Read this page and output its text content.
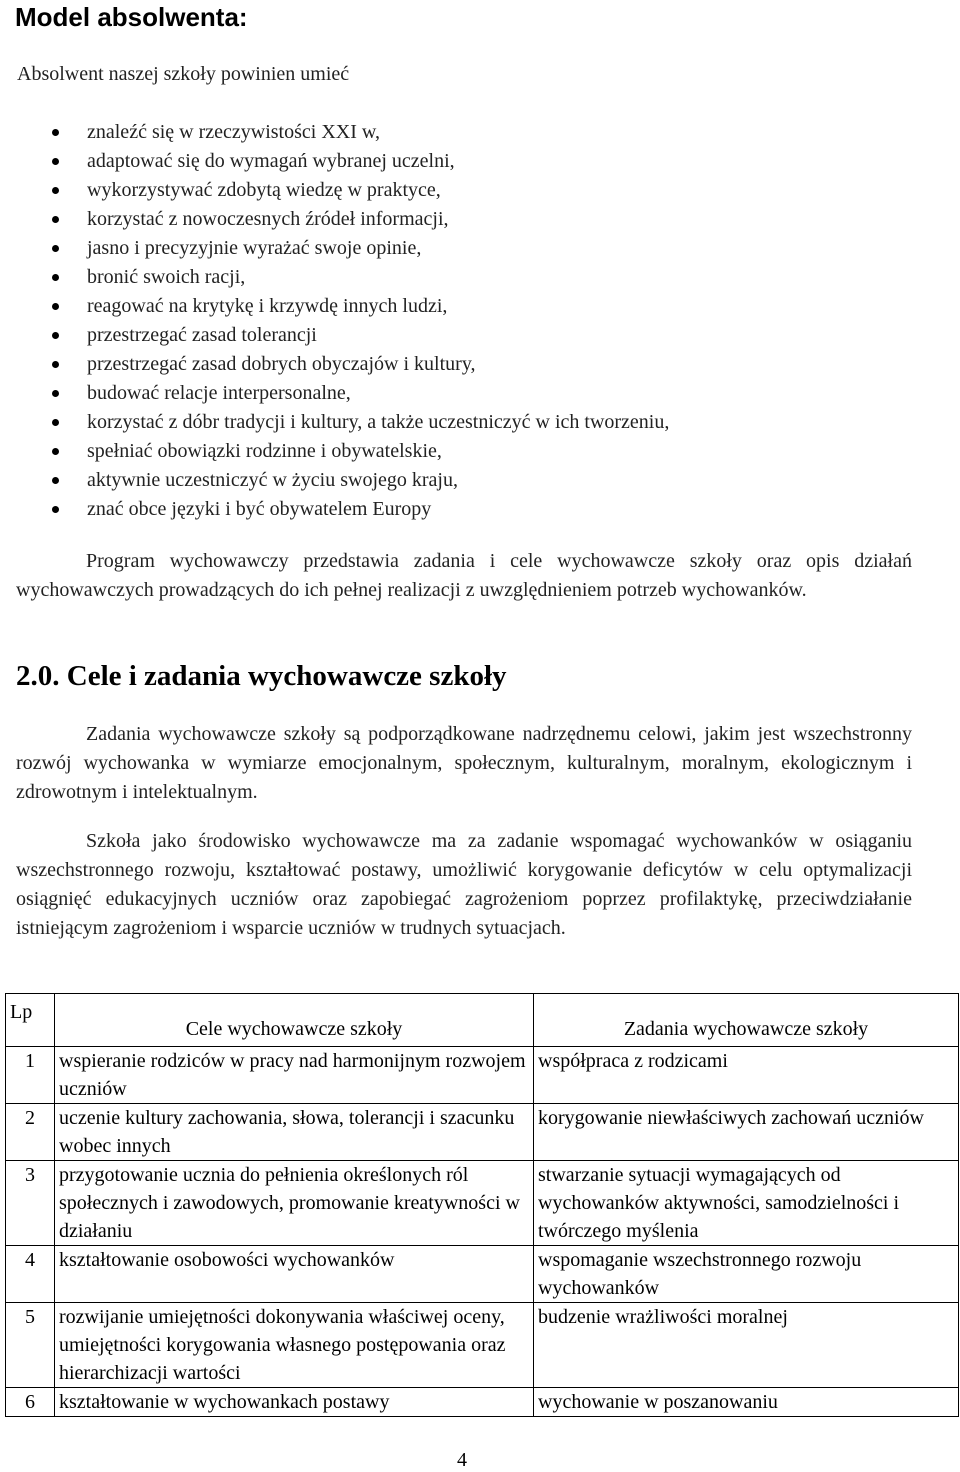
Model absolwenta:
Absolwent naszej szkoły powinien umieć
znaleźć się w rzeczywistości XXI w,
adaptować się do wymagań wybranej uczelni,
wykorzystywać zdobytą wiedzę w praktyce,
korzystać z nowoczesnych źródeł informacji,
jasno i precyzyjnie wyrażać swoje opinie,
bronić swoich racji,
reagować na krytykę i krzywdę innych ludzi,
przestrzegać zasad tolerancji
przestrzegać zasad dobrych obyczajów i kultury,
budować relacje interpersonalne,
korzystać z dóbr tradycji i kultury, a także uczestniczyć w ich tworzeniu,
spełniać obowiązki rodzinne i obywatelskie,
aktywnie uczestniczyć w życiu swojego kraju,
znać obce języki i być obywatelem Europy
Program wychowawczy przedstawia zadania i cele wychowawcze szkoły oraz opis działań wychowawczych prowadzących do ich pełnej realizacji z uwzględnieniem potrzeb wychowanków.
2.0. Cele i zadania wychowawcze szkoły
Zadania wychowawcze szkoły są podporządkowane nadrzędnemu celowi, jakim jest wszechstronny rozwój wychowanka w wymiarze emocjonalnym, społecznym, kulturalnym, moralnym, ekologicznym i zdrowotnym i intelektualnym.
Szkoła jako środowisko wychowawcze ma za zadanie wspomagać wychowanków w osiąganiu wszechstronnego rozwoju, kształtować postawy, umożliwić korygowanie deficytów w celu optymalizacji osiągnięć edukacyjnych uczniów oraz zapobiegać zagrożeniom poprzez profilaktykę, przeciwdziałanie istniejącym zagrożeniom i wsparcie uczniów w trudnych sytuacjach.
Lp	Cele wychowawcze szkoły	Zadania wychowawcze szkoły
1	wspieranie rodziców w pracy nad harmonijnym rozwojem uczniów	współpraca z rodzicami
2	uczenie kultury zachowania, słowa, tolerancji i szacunku wobec innych	korygowanie niewłaściwych zachowań uczniów
3	przygotowanie ucznia do pełnienia określonych ról społecznych i zawodowych, promowanie kreatywności w działaniu	stwarzanie sytuacji wymagających od wychowanków aktywności, samodzielności i twórczego myślenia
4	kształtowanie osobowości wychowanków	wspomaganie wszechstronnego rozwoju wychowanków
5	rozwijanie umiejętności dokonywania właściwej oceny, umiejętności korygowania własnego postępowania oraz hierarchizacji wartości	budzenie wrażliwości moralnej
6	kształtowanie w wychowankach postawy	wychowanie w poszanowaniu
4
